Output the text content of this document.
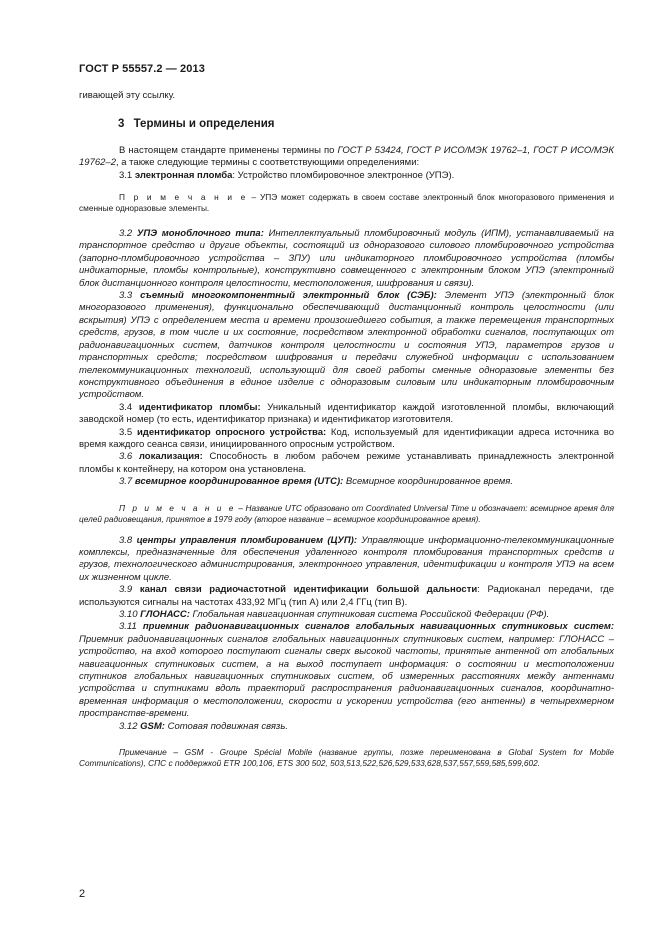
ГОСТ Р 55557.2 — 2013

гивающей эту ссылку.

3 Термины и определения

В настоящем стандарте применены термины по ГОСТ Р 53424, ГОСТ Р ИСО/МЭК 19762–1, ГОСТ Р ИСО/МЭК 19762–2, а также следующие термины с соответствующими определениями:

3.1 электронная пломба: Устройство пломбировочное электронное (УПЭ).

П р и м е ч а н и е – УПЭ может содержать в своем составе электронный блок многоразового применения и сменные одноразовые элементы.

3.2 УПЭ моноблочного типа: Интеллектуальный пломбировочный модуль (ИПМ), устанавливаемый на транспортное средство и другие объекты, состоящий из одноразового силового пломбировочного устройства (запорно-пломбировочного устройства – ЗПУ) или индикаторного пломбировочного устройства (пломбы индикаторные, пломбы контрольные), конструктивно совмещенного с электронным блоком УПЭ (электронный блок дистанционного контроля целостности, местоположения, шифрования и связи).

3.3 съемный многокомпонентный электронный блок (СЭБ): Элемент УПЭ (электронный блок многоразового применения), функционально обеспечивающий дистанционный контроль целостности (или вскрытия) УПЭ с определением места и времени произошедшего события, а также перемещения транспортных средств, грузов, в том числе и их состояние, посредством электронной обработки сигналов, поступающих от радионавигационных систем, датчиков контроля целостности и состояния УПЭ, параметров грузов и транспортных средств; посредством шифрования и передачи служебной информации с использованием телекоммуникационных технологий, использующий для своей работы сменные одноразовые элементы без конструктивного объединения в единое изделие с одноразовым силовым или индикаторным пломбировочным устройством.

3.4 идентификатор пломбы: Уникальный идентификатор каждой изготовленной пломбы, включающий заводской номер (то есть, идентификатор признака) и идентификатор изготовителя.

3.5 идентификатор опросного устройства: Код, используемый для идентификации адреса источника во время каждого сеанса связи, инициированного опросным устройством.

3.6 локализация: Способность в любом рабочем режиме устанавливать принадлежность электронной пломбы к контейнеру, на котором она установлена.

3.7 всемирное координированное время (UTC): Всемирное координированное время.

П р и м е ч а н и е – Название UTC образовано от Coordinated Universal Time и обозначает: всемирное время для целей радиовещания, принятое в 1979 году (второе название – всемирное координированное время).

3.8 центры управления пломбированием (ЦУП): Управляющие информационно-телекоммуникационные комплексы, предназначенные для обеспечения удаленного контроля пломбирования транспортных средств и грузов, технологического администрирования, электронного управления, идентификации и контроля УПЭ на всем их жизненном цикле.

3.9 канал связи радиочастотной идентификации большой дальности: Радиоканал передачи, где используются сигналы на частотах 433,92 МГц (тип А) или 2,4 ГГц (тип В).

3.10 ГЛОНАСС: Глобальная навигационная спутниковая система Российской Федерации (РФ).

3.11 приемник радионавигационных сигналов глобальных навигационных спутниковых систем: Приемник радионавигационных сигналов глобальных навигационных спутниковых систем, например: ГЛОНАСС – устройство, на вход которого поступают сигналы сверх высокой частоты, принятые антенной от глобальных навигационных спутниковых систем, а на выход поступает информация: о состоянии и местоположении спутников глобальных навигационных спутниковых систем, об измеренных расстояниях между антеннами устройства и спутниками вдоль траекторий распространения радионавигационных сигналов, координатно-временная информация о местоположении, скорости и ускорении устройства (его антенны) в четырехмерном пространстве-времени.

3.12 GSM: Сотовая подвижная связь.

Примечание – GSM - Groupe Spécial Mobile (название группы, позже переименована в Global System for Mobile Communications), СПС с поддержкой ETR 100,106, ETS 300 502, 503,513,522,526,529,533,628,537,557,559,585,599,602.

2
